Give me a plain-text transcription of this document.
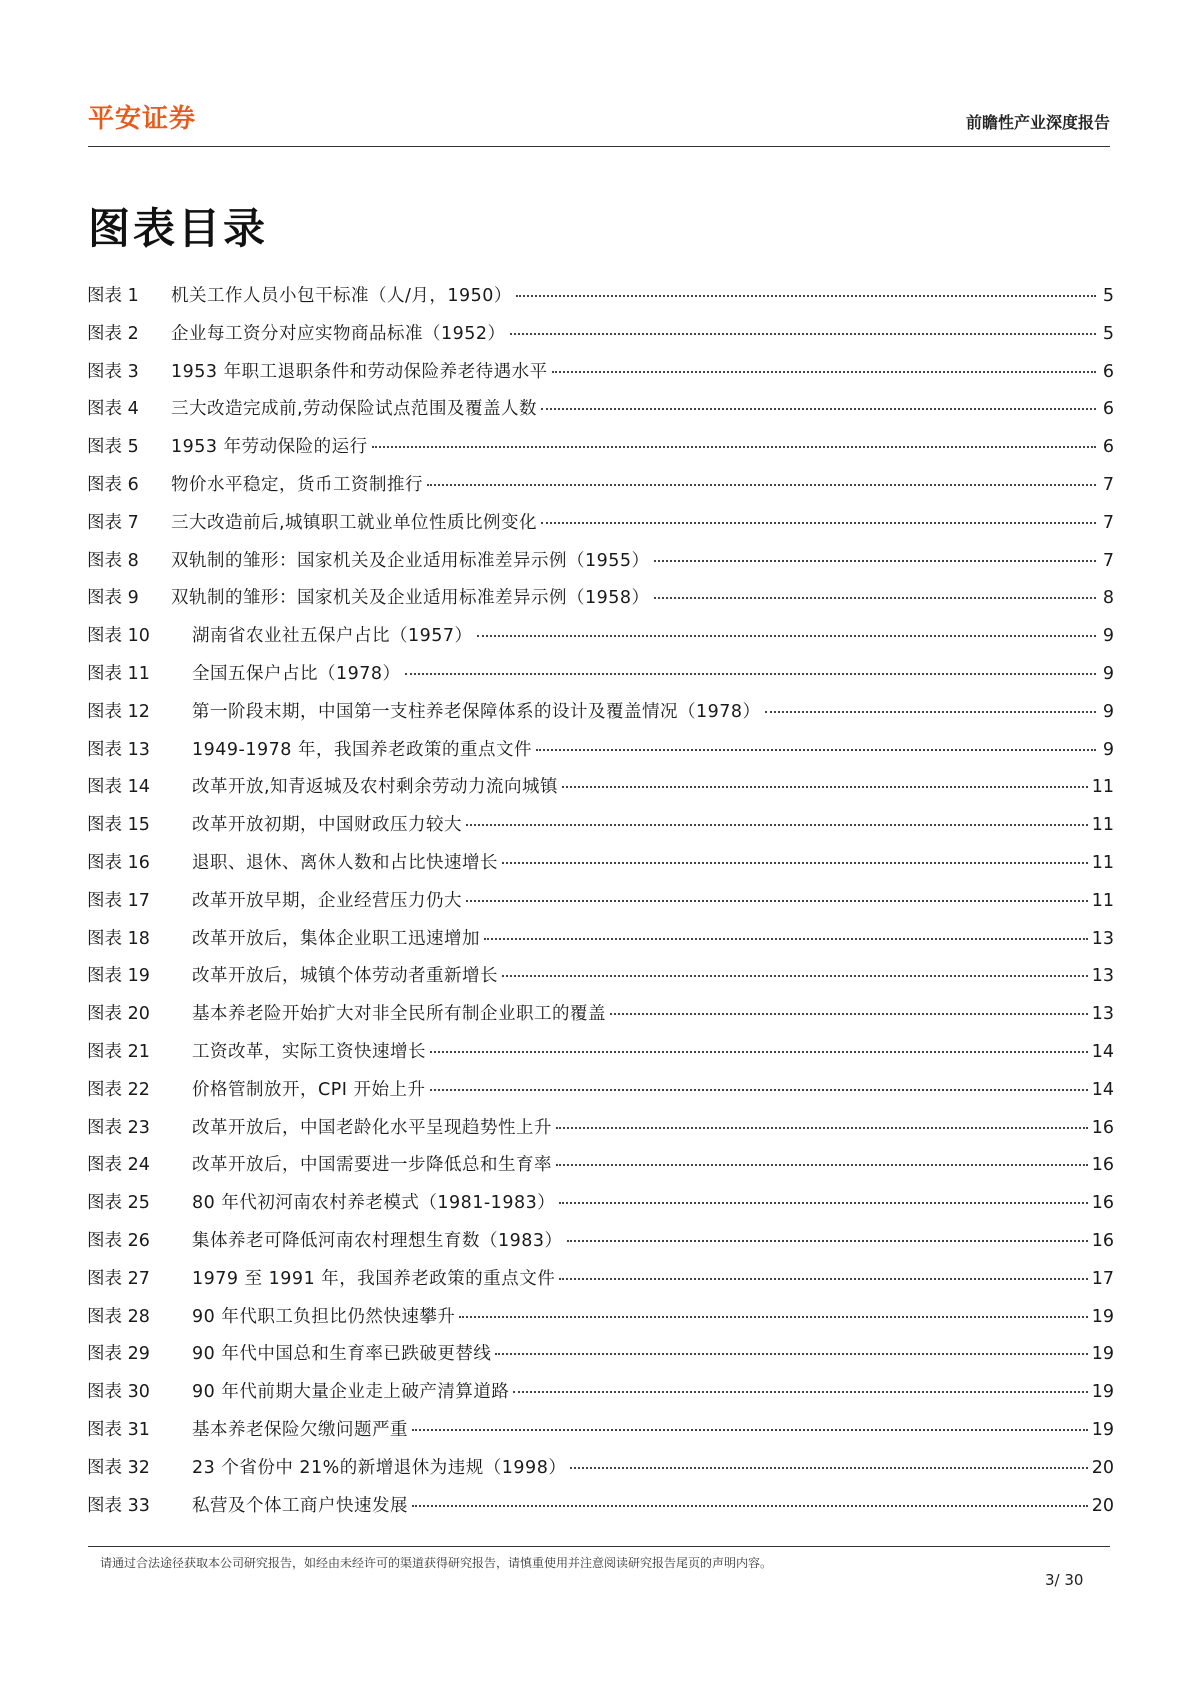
平安证券	前瞻性产业深度报告
图表目录
图表 1	机关工作人员小包干标准（人/月，1950）	5
图表 2	企业每工资分对应实物商品标准（1952）	5
图表 3	1953 年职工退职条件和劳动保险养老待遇水平	6
图表 4	三大改造完成前,劳动保险试点范围及覆盖人数	6
图表 5	1953 年劳动保险的运行	6
图表 6	物价水平稳定，货币工资制推行	7
图表 7	三大改造前后,城镇职工就业单位性质比例变化	7
图表 8	双轨制的雏形：国家机关及企业适用标准差异示例（1955）	7
图表 9	双轨制的雏形：国家机关及企业适用标准差异示例（1958）	8
图表 10	湖南省农业社五保户占比（1957）	9
图表 11	全国五保户占比（1978）	9
图表 12	第一阶段末期，中国第一支柱养老保障体系的设计及覆盖情况（1978）	9
图表 13	1949-1978 年，我国养老政策的重点文件	9
图表 14	改革开放,知青返城及农村剩余劳动力流向城镇	11
图表 15	改革开放初期，中国财政压力较大	11
图表 16	退职、退休、离休人数和占比快速增长	11
图表 17	改革开放早期，企业经营压力仍大	11
图表 18	改革开放后，集体企业职工迅速增加	13
图表 19	改革开放后，城镇个体劳动者重新增长	13
图表 20	基本养老险开始扩大对非全民所有制企业职工的覆盖	13
图表 21	工资改革，实际工资快速增长	14
图表 22	价格管制放开，CPI 开始上升	14
图表 23	改革开放后，中国老龄化水平呈现趋势性上升	16
图表 24	改革开放后，中国需要进一步降低总和生育率	16
图表 25	80 年代初河南农村养老模式（1981-1983）	16
图表 26	集体养老可降低河南农村理想生育数（1983）	16
图表 27	1979 至 1991 年，我国养老政策的重点文件	17
图表 28	90 年代职工负担比仍然快速攀升	19
图表 29	90 年代中国总和生育率已跌破更替线	19
图表 30	90 年代前期大量企业走上破产清算道路	19
图表 31	基本养老保险欠缴问题严重	19
图表 32	23 个省份中 21%的新增退休为违规（1998）	20
图表 33	私营及个体工商户快速发展	20
请通过合法途径获取本公司研究报告，如经由未经许可的渠道获得研究报告，请慎重使用并注意阅读研究报告尾页的声明内容。
3/ 30
